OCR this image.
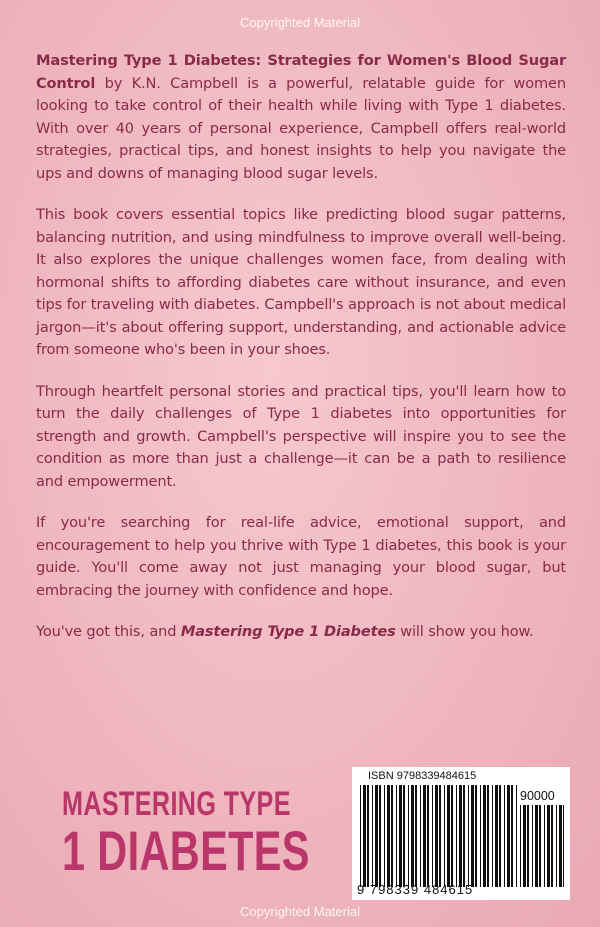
Copyrighted Material

Mastering Type 1 Diabetes: Strategies for Women's Blood Sugar Control by K.N. Campbell is a powerful, relatable guide for women looking to take control of their health while living with Type 1 diabetes. With over 40 years of personal experience, Campbell offers real-world strategies, practical tips, and honest insights to help you navigate the ups and downs of managing blood sugar levels.

This book covers essential topics like predicting blood sugar patterns, balancing nutrition, and using mindfulness to improve overall well-being. It also explores the unique challenges women face, from dealing with hormonal shifts to affording diabetes care without insurance, and even tips for traveling with diabetes. Campbell's approach is not about medical jargon—it's about offering support, understanding, and actionable advice from someone who's been in your shoes.

Through heartfelt personal stories and practical tips, you'll learn how to turn the daily challenges of Type 1 diabetes into opportunities for strength and growth. Campbell's perspective will inspire you to see the condition as more than just a challenge—it can be a path to resilience and empowerment.

If you're searching for real-life advice, emotional support, and encouragement to help you thrive with Type 1 diabetes, this book is your guide. You'll come away not just managing your blood sugar, but embracing the journey with confidence and hope.

You've got this, and Mastering Type 1 Diabetes will show you how.

MASTERING TYPE
1 DIABETES
ISBN 9798339484615
90000
9 798339 484615
Copyrighted Material
